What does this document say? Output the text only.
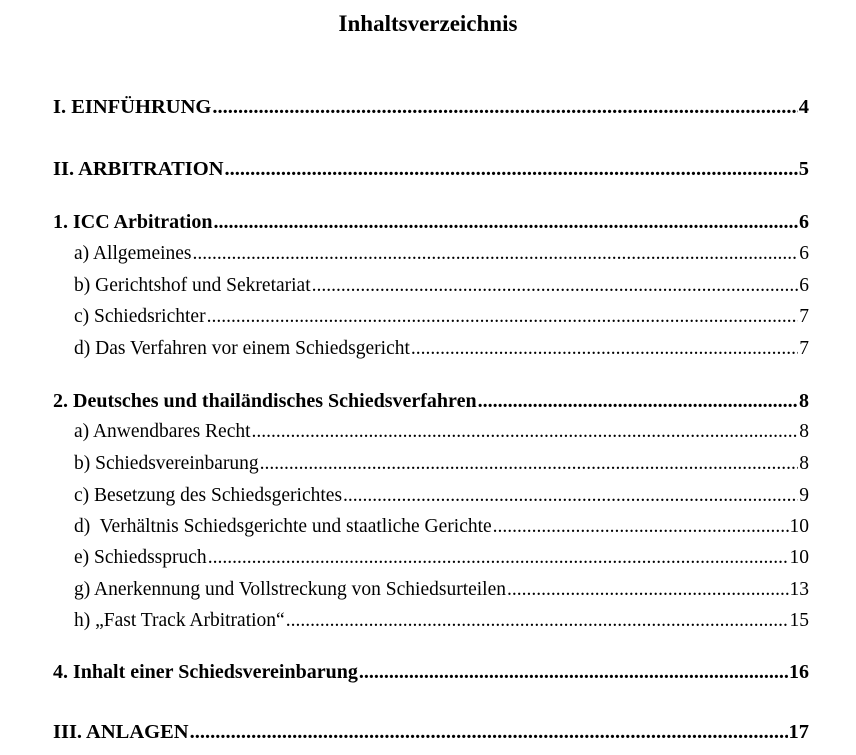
Inhaltsverzeichnis
I. EINFÜHRUNG .....	4
II. ARBITRATION .....	5
1. ICC Arbitration .....	6
a) Allgemeines .....	6
b) Gerichtshof und Sekretariat .....	6
c) Schiedsrichter .....	7
d) Das Verfahren vor einem Schiedsgericht .....	7
2. Deutsches und thailändisches Schiedsverfahren .....	8
a) Anwendbares Recht .....	8
b) Schiedsvereinbarung .....	8
c) Besetzung des Schiedsgerichtes .....	9
d)  Verhältnis Schiedsgerichte und staatliche Gerichte .....	10
e) Schiedsspruch .....	10
g) Anerkennung und Vollstreckung von Schiedsurteilen .....	13
h) „Fast Track Arbitration“ .....	15
4. Inhalt einer Schiedsvereinbarung .....	16
III. ANLAGEN .....	17
